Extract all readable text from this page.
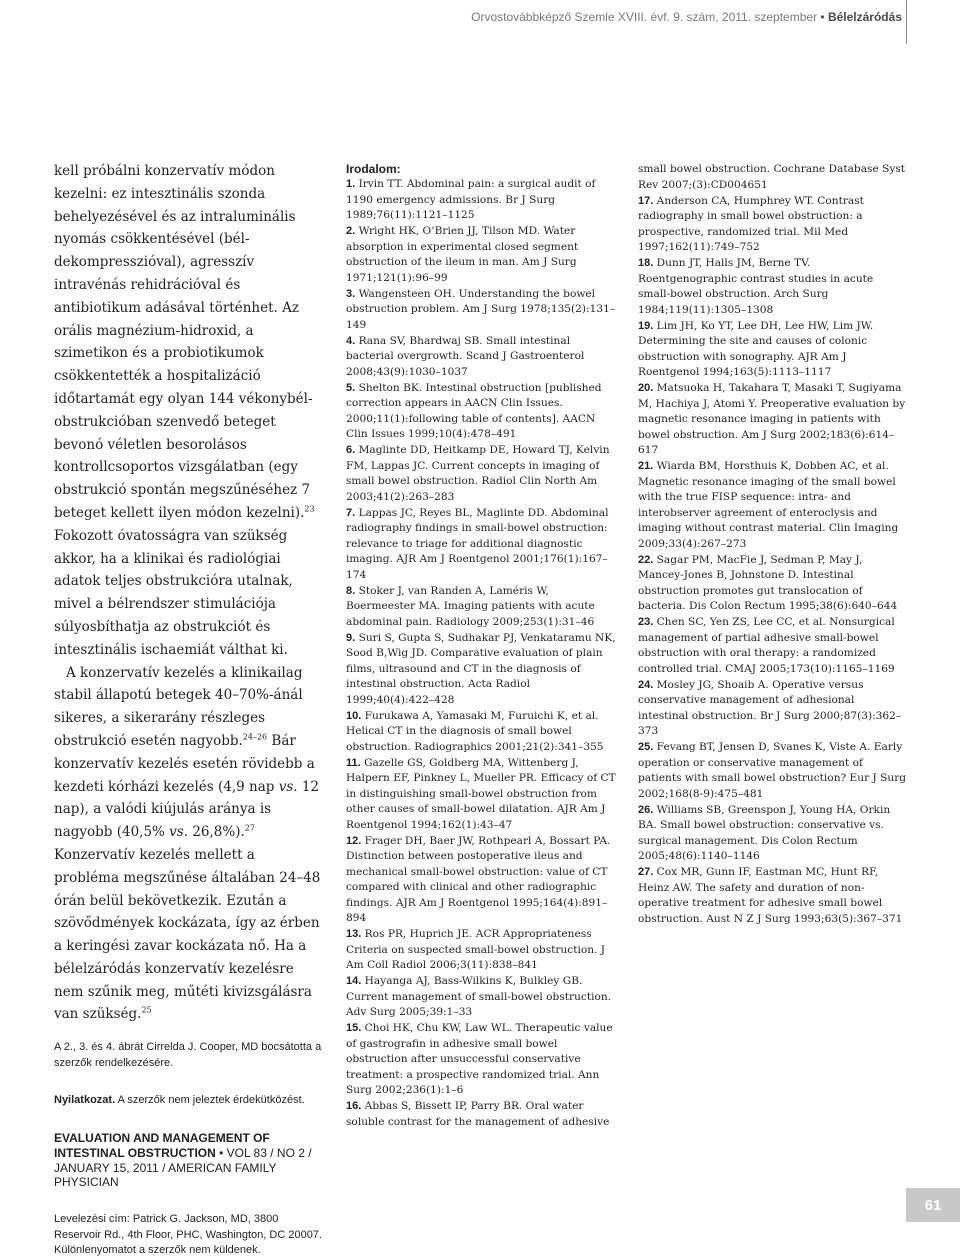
Orvostovábbképző Szemle XVIII. évf. 9. szám, 2011. szeptember • Bélelzáródás

kell próbálni konzervatív módon kezelni: ez intesztinális szonda behelyezésével és az intraluminális nyomás csökkentésével (bél-dekompresszióval), agresszív intravénás rehidrációval és antibiotikum adásával történhet. Az orális magnézium-hidroxid, a szimetikon és a probiotikumok csökkentették a hospitalizáció időtartamát egy olyan 144 vékonybél-obstrukcióban szenvedő beteget bevonó véletlen besorolásos kontrollcsoportos vizsgálatban (egy obstrukció spontán megszűnéséhez 7 beteget kellett ilyen módon kezelni).$^{23}$ Fokozott óvatosságra van szükség akkor, ha a klinikai és radiológiai adatok teljes obstrukcióra utalnak, mivel a bélrendszer stimulációja súlyosbíthatja az obstrukciót és intesztinális ischaemiát válthat ki.

A konzervatív kezelés a klinikailag stabil állapotú betegek 40–70%-ánál sikeres, a sikerarány részleges obstrukció esetén nagyobb.$^{24-26}$ Bár konzervatív kezelés esetén rövidebb a kezdeti kórházi kezelés (4,9 nap vs. 12 nap), a valódi kiújulás aránya is nagyobb (40,5% vs. 26,8%).$^{27}$ Konzervatív kezelés mellett a probléma megszűnése általában 24–48 órán belül bekövetkezik. Ezután a szövődmények kockázata, így az érben a keringési zavar kockázata nő. Ha a bélelzáródás konzervatív kezelésre nem szűnik meg, műtéti kivizsgálásra van szükség.$^{25}$

A 2., 3. és 4. ábrát Cirrelda J. Cooper, MD bocsátotta a szerzők rendelkezésére.
Nyilatkozat. A szerzők nem jeleztek érdekütközést.
EVALUATION AND MANAGEMENT OF INTESTINAL OBSTRUCTION • VOL 83 / NO 2 / JANUARY 15, 2011 / AMERICAN FAMILY PHYSICIAN
Levelezési cím: Patrick G. Jackson, MD, 3800 Reservoir Rd., 4th Floor, PHC, Washington, DC 20007.
Különlenyomatot a szerzők nem küldenek.
Irodalom:
1. Irvin TT. Abdominal pain: a surgical audit of 1190 emergency admissions. Br J Surg 1989;76(11):1121–1125
2. Wright HK, O’Brien JJ, Tilson MD. Water absorption in experimental closed segment obstruction of the ileum in man. Am J Surg 1971;121(1):96–99
3. Wangensteen OH. Understanding the bowel obstruction problem. Am J Surg 1978;135(2):131–149
4. Rana SV, Bhardwaj SB. Small intestinal bacterial overgrowth. Scand J Gastroenterol 2008;43(9):1030–1037
5. Shelton BK. Intestinal obstruction [published correction appears in AACN Clin Issues. 2000;11(1):following table of contents]. AACN Clin Issues 1999;10(4):478–491
6. Maglinte DD, Heitkamp DE, Howard TJ, Kelvin FM, Lappas JC. Current concepts in imaging of small bowel obstruction. Radiol Clin North Am 2003;41(2):263–283
7. Lappas JC, Reyes BL, Maglinte DD. Abdominal radiography findings in small-bowel obstruction: relevance to triage for additional diagnostic imaging. AJR Am J Roentgenol 2001;176(1):167–174
8. Stoker J, van Randen A, Laméris W, Boermeester MA. Imaging patients with acute abdominal pain. Radiology 2009;253(1):31–46
9. Suri S, Gupta S, Sudhakar PJ, Venkataramu NK, Sood B,Wig JD. Comparative evaluation of plain films, ultrasound and CT in the diagnosis of intestinal obstruction. Acta Radiol 1999;40(4):422–428
10. Furukawa A, Yamasaki M, Furuichi K, et al. Helical CT in the diagnosis of small bowel obstruction. Radiographics 2001;21(2):341–355
11. Gazelle GS, Goldberg MA, Wittenberg J, Halpern EF, Pinkney L, Mueller PR. Efficacy of CT in distinguishing small-bowel obstruction from other causes of small-bowel dilatation. AJR Am J Roentgenol 1994;162(1):43–47
12. Frager DH, Baer JW, Rothpearl A, Bossart PA. Distinction between postoperative ileus and mechanical small-bowel obstruction: value of CT compared with clinical and other radiographic findings. AJR Am J Roentgenol 1995;164(4):891–894
13. Ros PR, Huprich JE. ACR Appropriateness Criteria on suspected small-bowel obstruction. J Am Coll Radiol 2006;3(11):838–841
14. Hayanga AJ, Bass-Wilkins K, Bulkley GB. Current management of small-bowel obstruction. Adv Surg 2005;39:1–33
15. Choi HK, Chu KW, Law WL. Therapeutic value of gastrografin in adhesive small bowel obstruction after unsuccessful conservative treatment: a prospective randomized trial. Ann Surg 2002;236(1):1–6
16. Abbas S, Bissett IP, Parry BR. Oral water soluble contrast for the management of adhesive
small bowel obstruction. Cochrane Database Syst Rev 2007;(3):CD004651
17. Anderson CA, Humphrey WT. Contrast radiography in small bowel obstruction: a prospective, randomized trial. Mil Med 1997;162(11):749–752
18. Dunn JT, Halls JM, Berne TV. Roentgenographic contrast studies in acute small-bowel obstruction. Arch Surg 1984;119(11):1305–1308
19. Lim JH, Ko YT, Lee DH, Lee HW, Lim JW. Determining the site and causes of colonic obstruction with sonography. AJR Am J Roentgenol 1994;163(5):1113–1117
20. Matsuoka H, Takahara T, Masaki T, Sugiyama M, Hachiya J, Atomi Y. Preoperative evaluation by magnetic resonance imaging in patients with bowel obstruction. Am J Surg 2002;183(6):614–617
21. Wiarda BM, Horsthuis K, Dobben AC, et al. Magnetic resonance imaging of the small bowel with the true FISP sequence: intra- and interobserver agreement of enteroclysis and imaging without contrast material. Clin Imaging 2009;33(4):267–273
22. Sagar PM, MacFie J, Sedman P, May J, Mancey-Jones B, Johnstone D. Intestinal obstruction promotes gut translocation of bacteria. Dis Colon Rectum 1995;38(6):640–644
23. Chen SC, Yen ZS, Lee CC, et al. Nonsurgical management of partial adhesive small-bowel obstruction with oral therapy: a randomized controlled trial. CMAJ 2005;173(10):1165–1169
24. Mosley JG, Shoaib A. Operative versus conservative management of adhesional intestinal obstruction. Br J Surg 2000;87(3):362–373
25. Fevang BT, Jensen D, Svanes K, Viste A. Early operation or conservative management of patients with small bowel obstruction? Eur J Surg 2002;168(8-9):475–481
26. Williams SB, Greenspon J, Young HA, Orkin BA. Small bowel obstruction: conservative vs. surgical management. Dis Colon Rectum 2005;48(6):1140–1146
27. Cox MR, Gunn IF, Eastman MC, Hunt RF, Heinz AW. The safety and duration of non-operative treatment for adhesive small bowel obstruction. Aust N Z J Surg 1993;63(5):367–371
61
